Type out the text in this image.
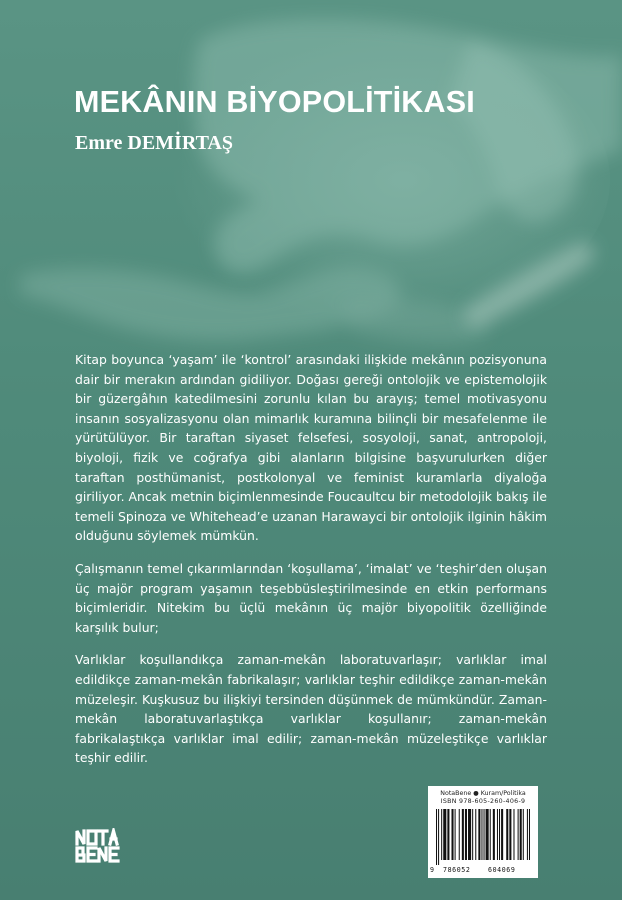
MEKÂNIN BİYOPOLİTİKASI
Emre DEMİRTAŞ

Kitap boyunca ‘yaşam’ ile ‘kontrol’ arasındaki ilişkide mekânın pozisyonuna dair bir merakın ardından gidiliyor. Doğası gereği ontolojik ve epistemolojik bir güzergâhın katedilmesini zorunlu kılan bu arayış; temel motivasyonu insanın sosyalizasyonu olan mimarlık kuramına bilinçli bir mesafelenme ile yürütülüyor. Bir taraftan siyaset felsefesi, sosyoloji, sanat, antropoloji, biyoloji, fizik ve coğrafya gibi alanların bilgisine başvurulurken diğer taraftan posthümanist, postkolonyal ve feminist kuramlarla diyaloğa giriliyor. Ancak metnin biçimlenmesinde Foucaultcu bir metodolojik bakış ile temeli Spinoza ve Whitehead’e uzanan Harawayci bir ontolojik ilginin hâkim olduğunu söylemek mümkün.

Çalışmanın temel çıkarımlarından ‘koşullama’, ‘imalat’ ve ‘teşhir’den oluşan üç majör program yaşamın teşebbüsleştirilmesinde en etkin performans biçimleridir. Nitekim bu üçlü mekânın üç majör biyopolitik özelliğinde karşılık bulur;

Varlıklar koşullandıkça zaman-mekân laboratuvarlaşır; varlıklar imal edildikçe zaman-mekân fabrikalaşır; varlıklar teşhir edildikçe zaman-mekân müzeleşir. Kuşkusuz bu ilişkiyi tersinden düşünmek de mümkündür. Zaman-mekân laboratuvarlaştıkça varlıklar koşullanır; zaman-mekân fabrikalaştıkça varlıklar imal edilir; zaman-mekân müzeleştikçe varlıklar teşhir edilir.

NotaBene ● Kuram/Politika
ISBN 978-605-260-406-9
9 786052	604069
